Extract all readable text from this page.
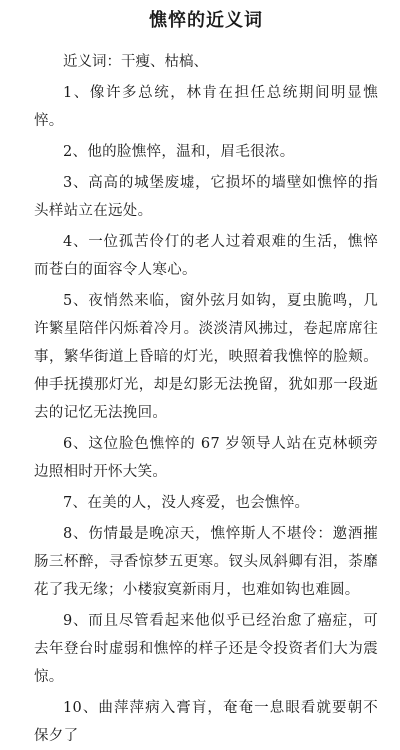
憔悴的近义词

近义词：干瘦、枯槁、

1、像许多总统，林肯在担任总统期间明显憔悴。

2、他的脸憔悴，温和，眉毛很浓。

3、高高的城堡废墟，它损坏的墙壁如憔悴的指头样站立在远处。

4、一位孤苦伶仃的老人过着艰难的生活，憔悴而苍白的面容令人寒心。

5、夜悄然来临，窗外弦月如钩，夏虫脆鸣，几许繁星陪伴闪烁着冷月。淡淡清风拂过，卷起席席往事，繁华街道上昏暗的灯光，映照着我憔悴的脸颊。伸手抚摸那灯光，却是幻影无法挽留，犹如那一段逝去的记忆无法挽回。

6、这位脸色憔悴的 67 岁领导人站在克林顿旁边照相时开怀大笑。

7、在美的人，没人疼爱，也会憔悴。

8、伤情最是晚凉天，憔悴斯人不堪伶：邀酒摧肠三杯醉，寻香惊梦五更寒。钗头凤斜卿有泪，荼靡花了我无缘；小楼寂寞新雨月，也难如钩也难圆。

9、而且尽管看起来他似乎已经治愈了癌症，可去年登台时虚弱和憔悴的样子还是令投资者们大为震惊。

10、曲萍萍病入膏肓，奄奄一息眼看就要朝不保夕了
